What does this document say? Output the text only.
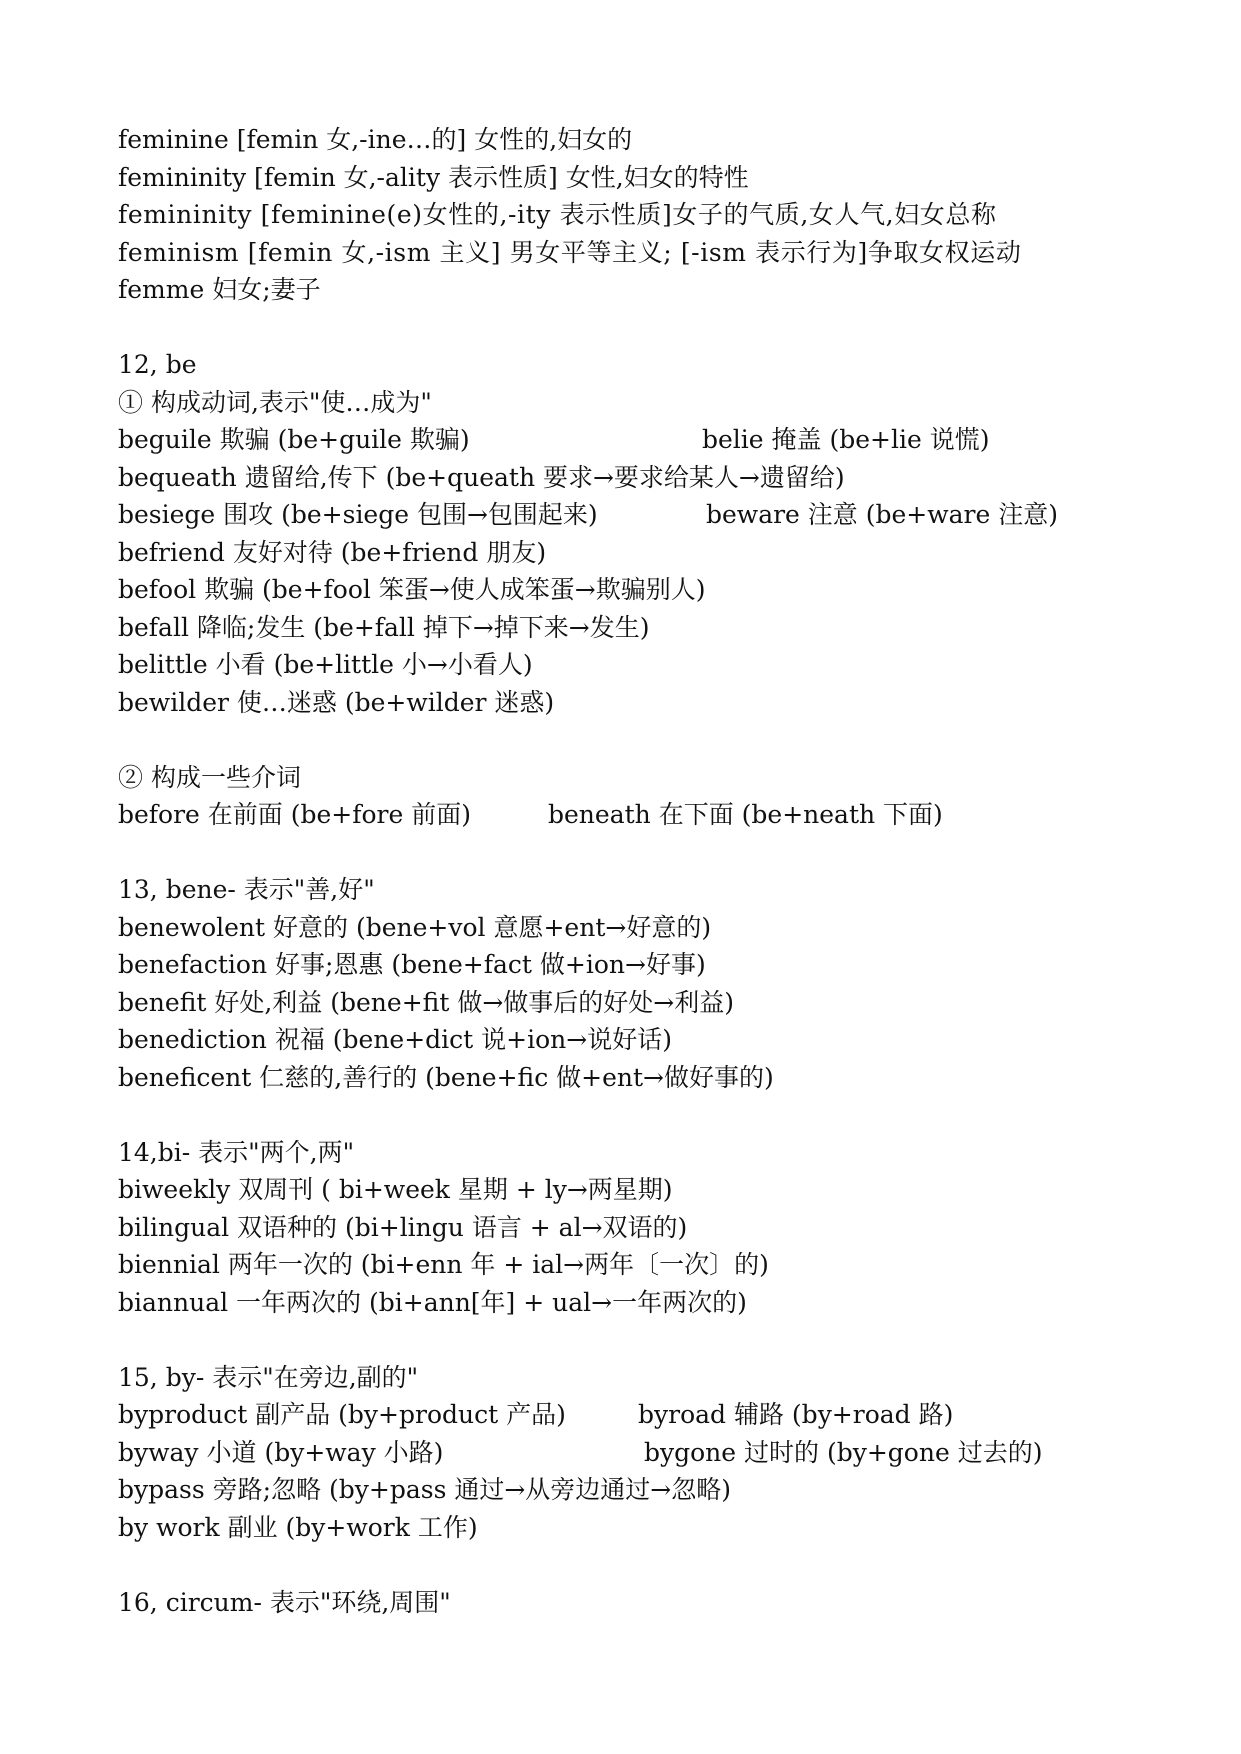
feminine [femin 女,-ine…的] 女性的,妇女的
femininity [femin 女,-ality 表示性质] 女性,妇女的特性
femininity [feminine(e)女性的,-ity 表示性质]女子的气质,女人气,妇女总称
feminism [femin 女,-ism 主义] 男女平等主义; [-ism 表示行为]争取女权运动
femme 妇女;妻子
12, be
① 构成动词,表示"使…成为"
beguile 欺骗 (be+guile 欺骗)	belie 掩盖 (be+lie 说慌)
bequeath 遗留给,传下 (be+queath 要求→要求给某人→遗留给)
besiege 围攻 (be+siege 包围→包围起来)	beware 注意 (be+ware 注意)
befriend 友好对待 (be+friend 朋友)
befool 欺骗 (be+fool 笨蛋→使人成笨蛋→欺骗别人)
befall 降临;发生 (be+fall 掉下→掉下来→发生)
belittle 小看 (be+little 小→小看人)
bewilder 使…迷惑 (be+wilder 迷惑)
② 构成一些介词
before 在前面 (be+fore 前面)	beneath 在下面 (be+neath 下面)
13, bene- 表示"善,好"
benewolent 好意的 (bene+vol 意愿+ent→好意的)
benefaction 好事;恩惠 (bene+fact 做+ion→好事)
benefit 好处,利益 (bene+fit 做→做事后的好处→利益)
benediction 祝福 (bene+dict 说+ion→说好话)
beneficent 仁慈的,善行的 (bene+fic 做+ent→做好事的)
14,bi- 表示"两个,两"
biweekly 双周刊 ( bi+week 星期 + ly→两星期)
bilingual 双语种的 (bi+lingu 语言 + al→双语的)
biennial 两年一次的 (bi+enn 年 + ial→两年〔一次〕的)
biannual 一年两次的 (bi+ann[年] + ual→一年两次的)
15, by- 表示"在旁边,副的"
byproduct 副产品 (by+product 产品)	byroad 辅路 (by+road 路)
byway 小道 (by+way 小路)	bygone 过时的 (by+gone 过去的)
bypass 旁路;忽略 (by+pass 通过→从旁边通过→忽略)
by work 副业 (by+work 工作)
16, circum- 表示"环绕,周围"
